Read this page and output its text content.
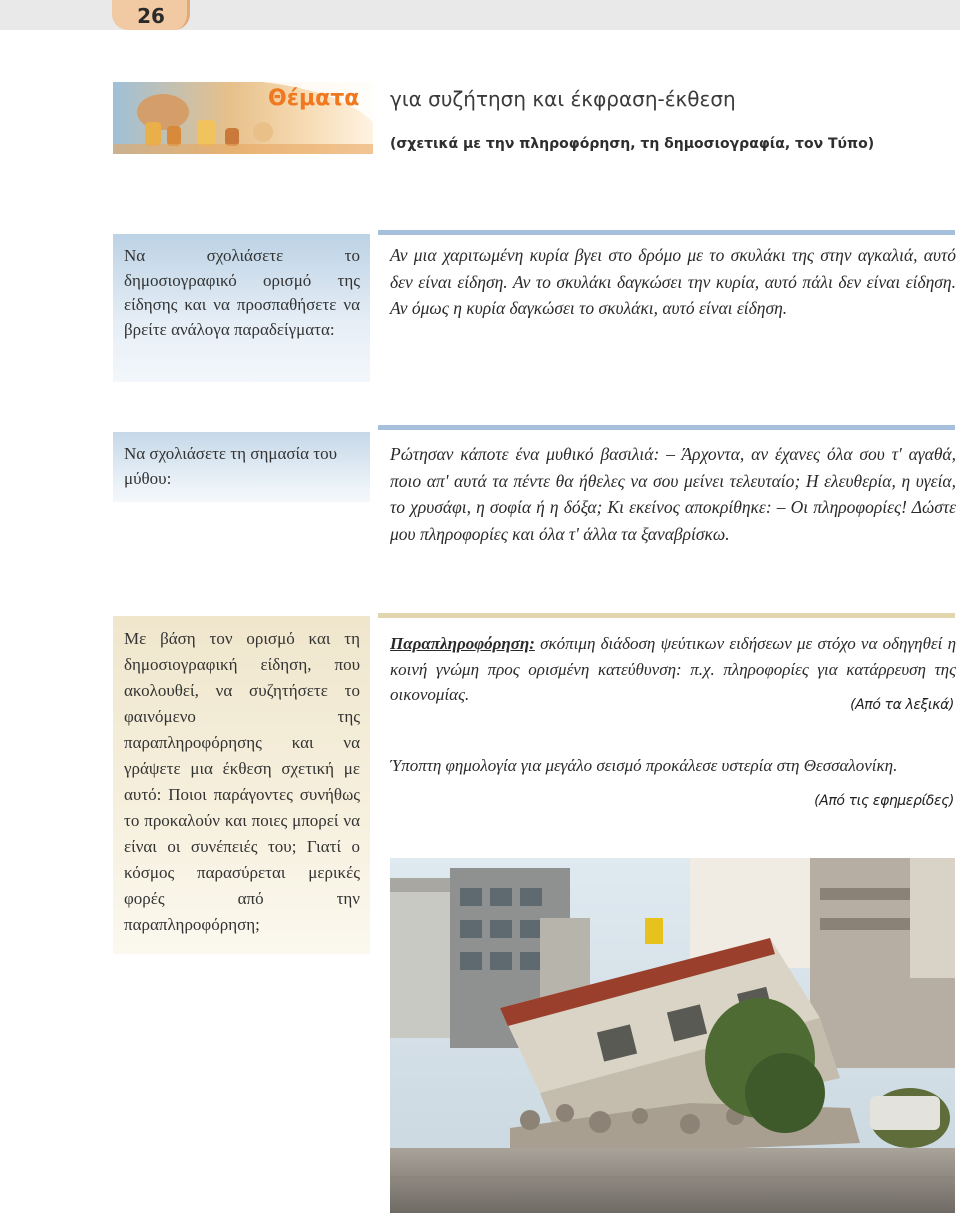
26
Θέματα για συζήτηση και έκφραση-έκθεση
(σχετικά με την πληροφόρηση, τη δημοσιογραφία, τον Τύπο)
Να σχολιάσετε το δημοσιογραφικό ορισμό της είδησης και να προσπαθήσετε να βρείτε ανάλογα παραδείγματα:
Αν μια χαριτωμένη κυρία βγει στο δρόμο με το σκυλάκι της στην αγκαλιά, αυτό δεν είναι είδηση. Αν το σκυλάκι δαγκώσει την κυρία, αυτό πάλι δεν είναι είδηση. Αν όμως η κυρία δαγκώσει το σκυλάκι, αυτό είναι είδηση.
Να σχολιάσετε τη σημασία του μύθου:
Ρώτησαν κάποτε ένα μυθικό βασιλιά: – Άρχοντα, αν έχανες όλα σου τ' αγαθά, ποιο απ' αυτά τα πέντε θα ήθελες να σου μείνει τελευταίο; Η ελευθερία, η υγεία, το χρυσάφι, η σοφία ή η δόξα; Κι εκείνος αποκρίθηκε: – Οι πληροφορίες! Δώστε μου πληροφορίες και όλα τ' άλλα τα ξαναβρίσκω.
Με βάση τον ορισμό και τη δημοσιογραφική είδηση, που ακολουθεί, να συζητήσετε το φαινόμενο της παραπληροφόρησης και να γράψετε μια έκθεση σχετική με αυτό: Ποιοι παράγοντες συνήθως το προκαλούν και ποιες μπορεί να είναι οι συνέπειές του; Γιατί ο κόσμος παρασύρεται μερικές φορές από την παραπληροφόρηση;
Παραπληροφόρηση: σκόπιμη διάδοση ψεύτικων ειδήσεων με στόχο να οδηγηθεί η κοινή γνώμη προς ορισμένη κατεύθυνση: π.χ. πληροφορίες για κατάρρευση της οικονομίας.
(Από τα λεξικά)
Ύποπτη φημολογία για μεγάλο σεισμό προκάλεσε υστερία στη Θεσσαλονίκη.
(Από τις εφημερίδες)
